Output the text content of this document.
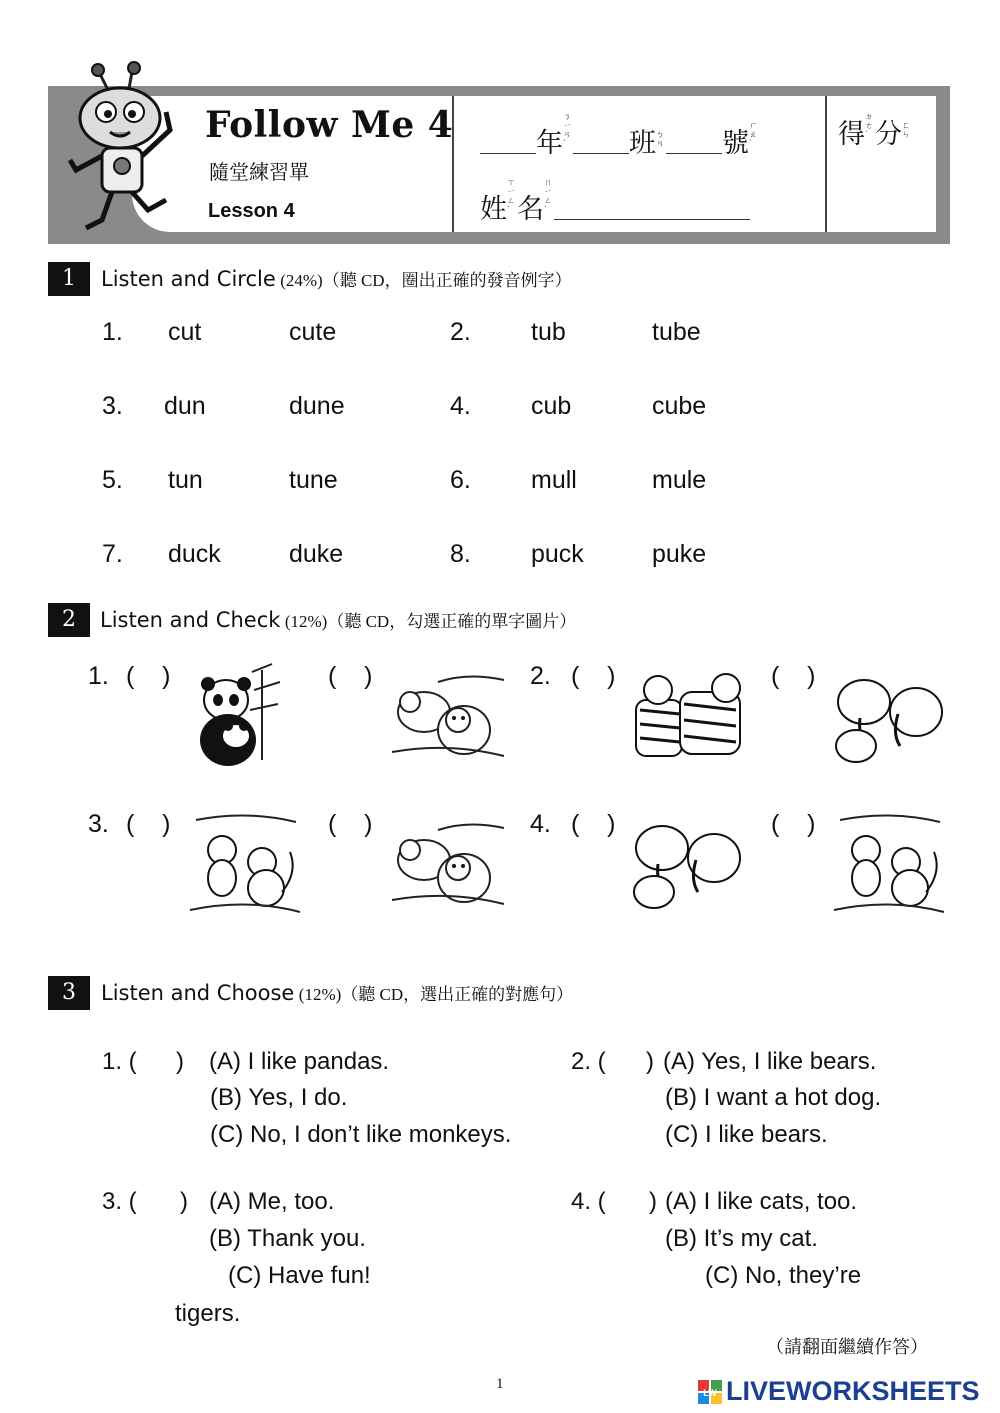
Follow Me 4
隨堂練習單
Lesson 4
年ㄋㄧㄢˊ 班ㄅㄢ 號ㄏㄠˋ
姓ㄒㄧㄥˋ 名ㄇㄧㄥˊ
得ㄉㄜˊ 分ㄈㄣ
1	Listen and Circle (24%)（聽 CD，圈出正確的發音例字）
1. cut	cute	2. tub	tube
3. dun	dune	4. cub	cube
5. tun	tune	6. mull	mule
7. duck	duke	8. puck	puke
2	Listen and Check (12%)（聽 CD，勾選正確的單字圖片）
1. (    )	(    )	2. (    )	(    )
3. (    )	(    )	4. (    )	(    )
3	Listen and Choose (12%)（聽 CD，選出正確的對應句）
1. ( ) (A) I like pandas.
(B) Yes, I do.
(C) No, I don’t like monkeys.
2. ( ) (A) Yes, I like bears.
(B) I want a hot dog.
(C) I like bears.
3. ( ) (A) Me, too.
(B) Thank you.
(C) Have fun!
tigers.
4. ( ) (A) I like cats, too.
(B) It’s my cat.
(C) No, they’re
（請翻面繼續作答）
1
LW LIVEWORKSHEETS
